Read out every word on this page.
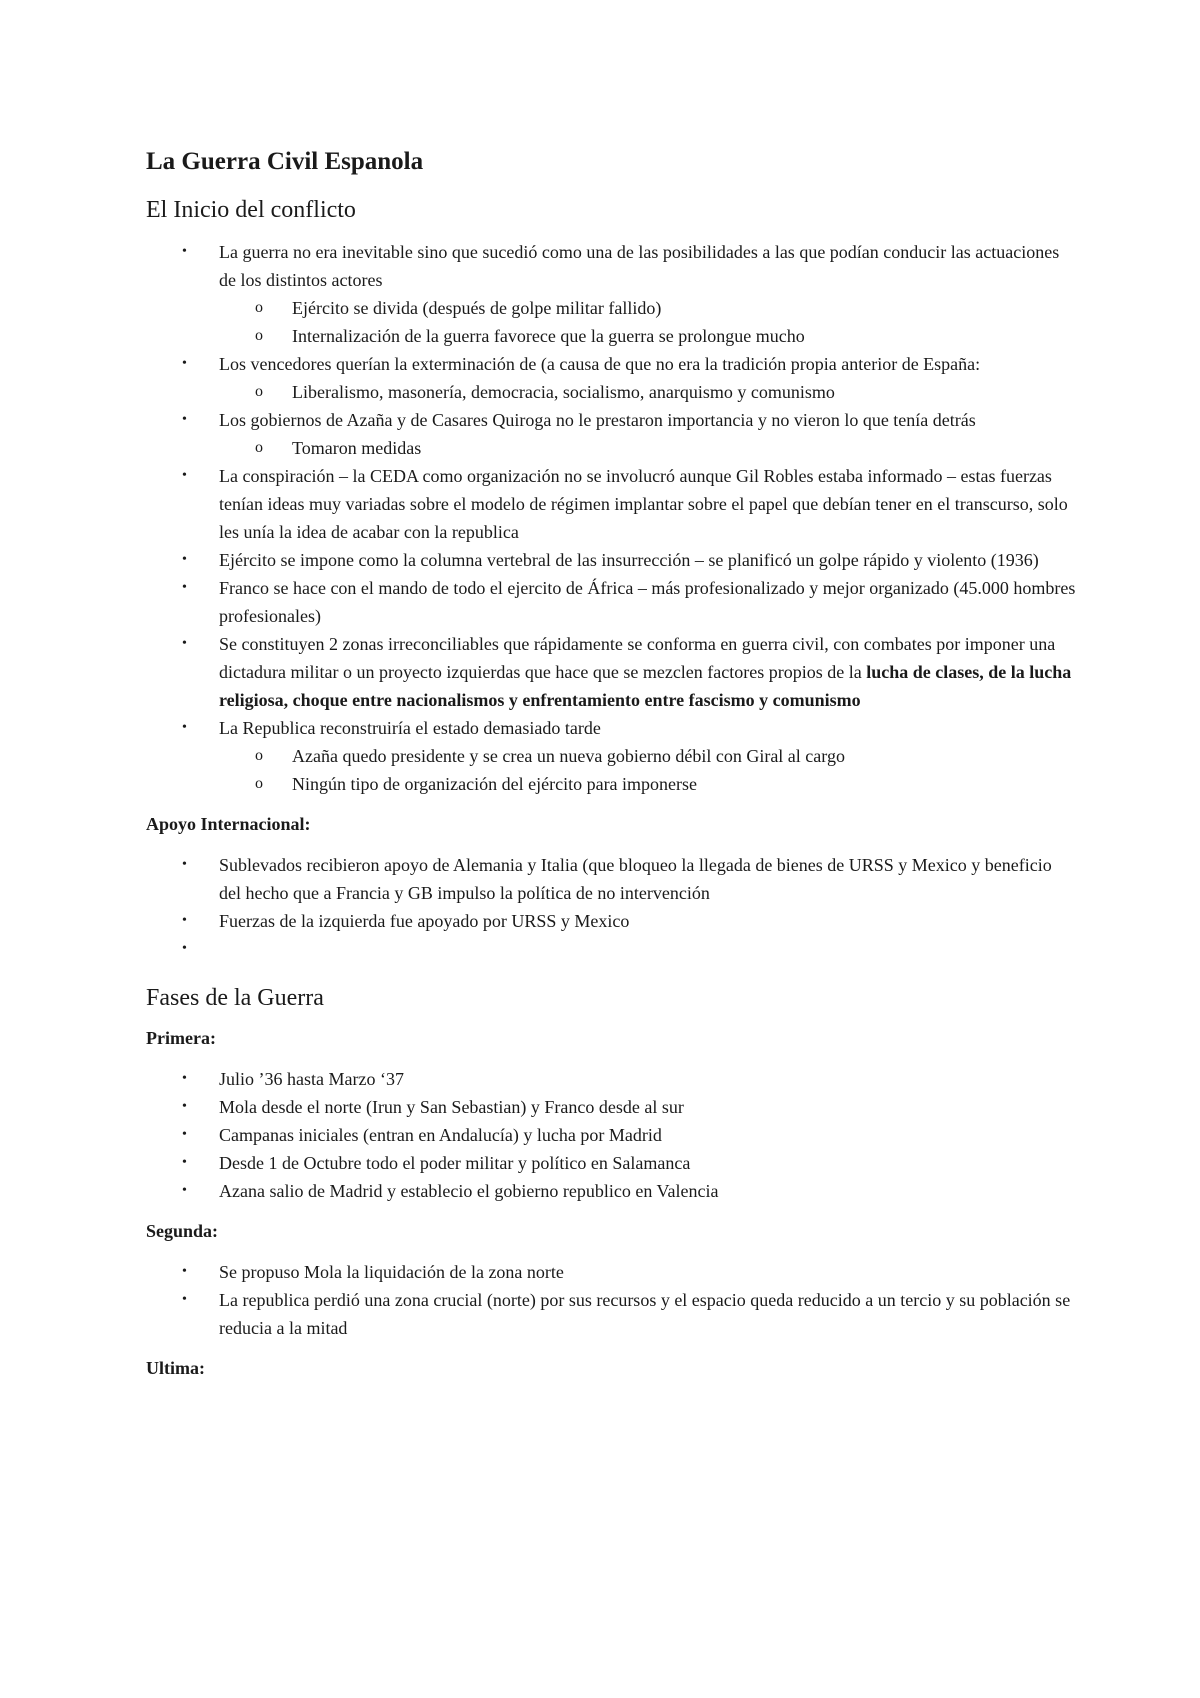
La Guerra Civil Espanola
El Inicio del conflicto
• La guerra no era inevitable sino que sucedió como una de las posibilidades a las que podían conducir las actuaciones de los distintos actores
o Ejército se divida (después de golpe militar fallido)
o Internalización de la guerra favorece que la guerra se prolongue mucho
• Los vencedores querían la exterminación de (a causa de que no era la tradición propia anterior de España:
o Liberalismo, masonería, democracia, socialismo, anarquismo y comunismo
• Los gobiernos de Azaña y de Casares Quiroga no le prestaron importancia y no vieron lo que tenía detrás
o Tomaron medidas
• La conspiración – la CEDA como organización no se involucró aunque Gil Robles estaba informado – estas fuerzas tenían ideas muy variadas sobre el modelo de régimen implantar sobre el papel que debían tener en el transcurso, solo les unía la idea de acabar con la republica
• Ejército se impone como la columna vertebral de las insurrección – se planificó un golpe rápido y violento (1936)
• Franco se hace con el mando de todo el ejercito de África – más profesionalizado y mejor organizado (45.000 hombres profesionales)
• Se constituyen 2 zonas irreconciliables que rápidamente se conforma en guerra civil, con combates por imponer una dictadura militar o un proyecto izquierdas que hace que se mezclen factores propios de la lucha de clases, de la lucha religiosa, choque entre nacionalismos y enfrentamiento entre fascismo y comunismo
• La Republica reconstruiría el estado demasiado tarde
o Azaña quedo presidente y se crea un nueva gobierno débil con Giral al cargo
o Ningún tipo de organización del ejército para imponerse
Apoyo Internacional:
• Sublevados recibieron apoyo de Alemania y Italia (que bloqueo la llegada de bienes de URSS y Mexico y beneficio del hecho que a Francia y GB impulso la política de no intervención
• Fuerzas de la izquierda fue apoyado por URSS y Mexico
•

Fases de la Guerra
Primera:
• Julio ’36 hasta Marzo ‘37
• Mola desde el norte (Irun y San Sebastian) y Franco desde al sur
• Campanas iniciales (entran en Andalucía) y lucha por Madrid
• Desde 1 de Octubre todo el poder militar y político en Salamanca
• Azana salio de Madrid y establecio el gobierno republico en Valencia
Segunda:
• Se propuso Mola la liquidación de la zona norte
• La republica perdió una zona crucial (norte) por sus recursos y el espacio queda reducido a un tercio y su población se reducia a la mitad
Ultima:
